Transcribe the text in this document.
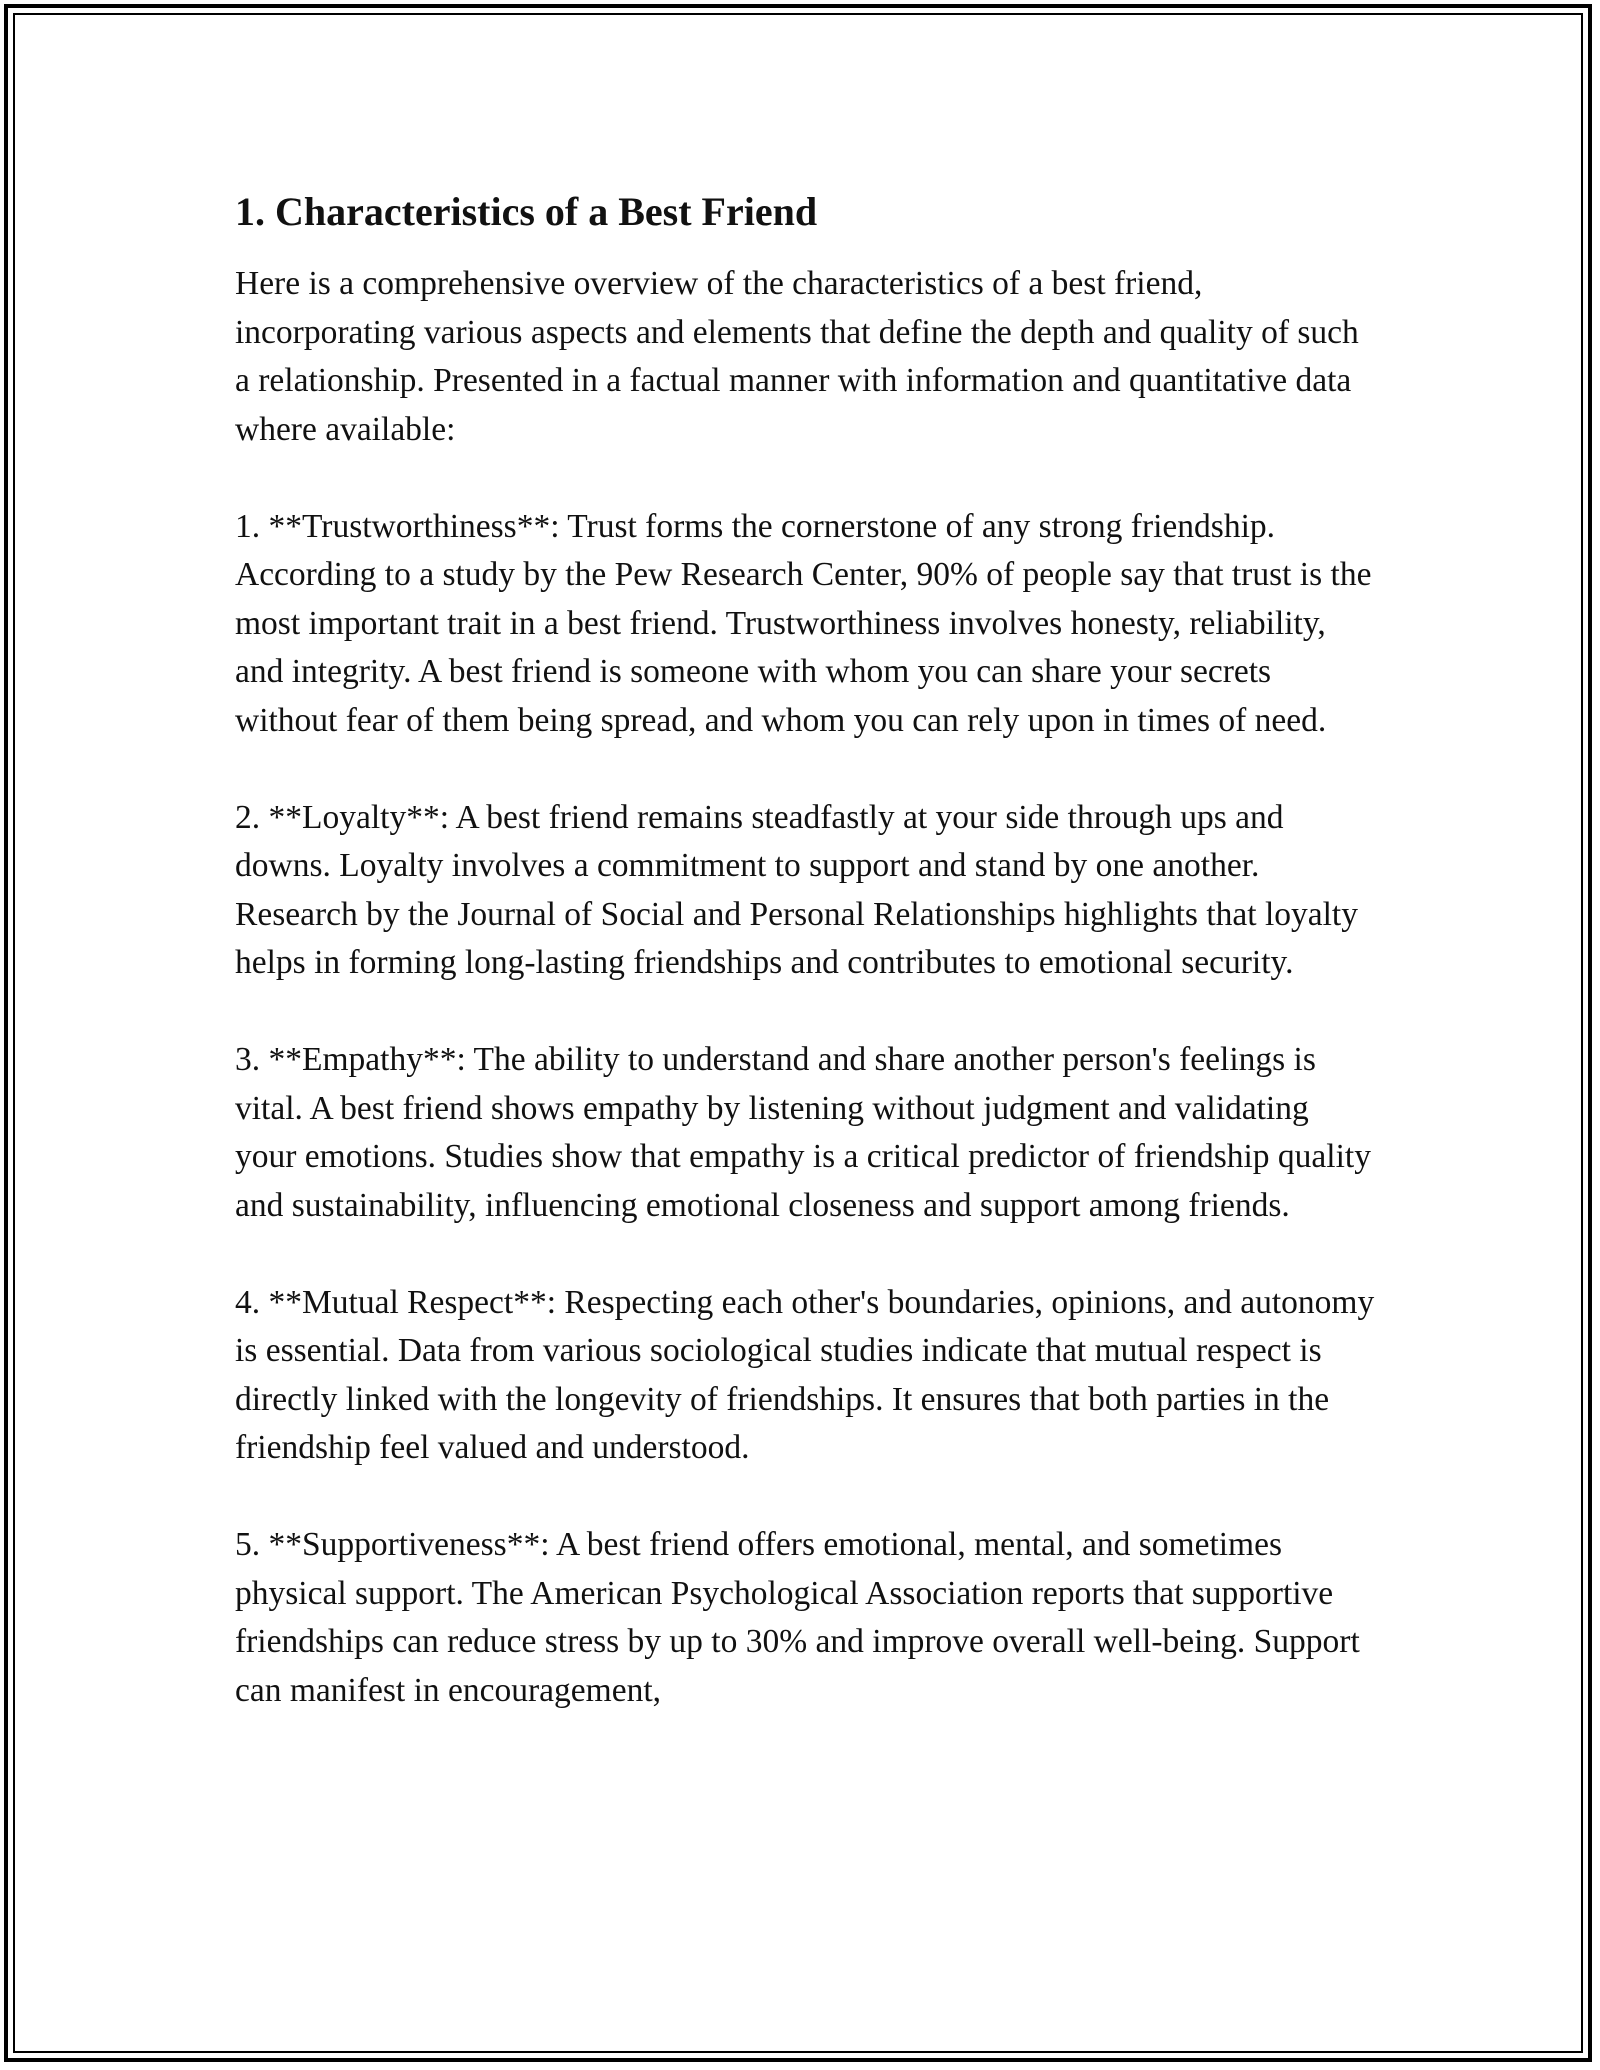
1. Characteristics of a Best Friend

Here is a comprehensive overview of the characteristics of a best friend, incorporating various aspects and elements that define the depth and quality of such a relationship. Presented in a factual manner with information and quantitative data where available:

1. **Trustworthiness**: Trust forms the cornerstone of any strong friendship. According to a study by the Pew Research Center, 90% of people say that trust is the most important trait in a best friend. Trustworthiness involves honesty, reliability, and integrity. A best friend is someone with whom you can share your secrets without fear of them being spread, and whom you can rely upon in times of need.

2. **Loyalty**: A best friend remains steadfastly at your side through ups and downs. Loyalty involves a commitment to support and stand by one another. Research by the Journal of Social and Personal Relationships highlights that loyalty helps in forming long-lasting friendships and contributes to emotional security.

3. **Empathy**: The ability to understand and share another person's feelings is vital. A best friend shows empathy by listening without judgment and validating your emotions. Studies show that empathy is a critical predictor of friendship quality and sustainability, influencing emotional closeness and support among friends.

4. **Mutual Respect**: Respecting each other's boundaries, opinions, and autonomy is essential. Data from various sociological studies indicate that mutual respect is directly linked with the longevity of friendships. It ensures that both parties in the friendship feel valued and understood.

5. **Supportiveness**: A best friend offers emotional, mental, and sometimes physical support. The American Psychological Association reports that supportive friendships can reduce stress by up to 30% and improve overall well-being. Support can manifest in encouragement,
